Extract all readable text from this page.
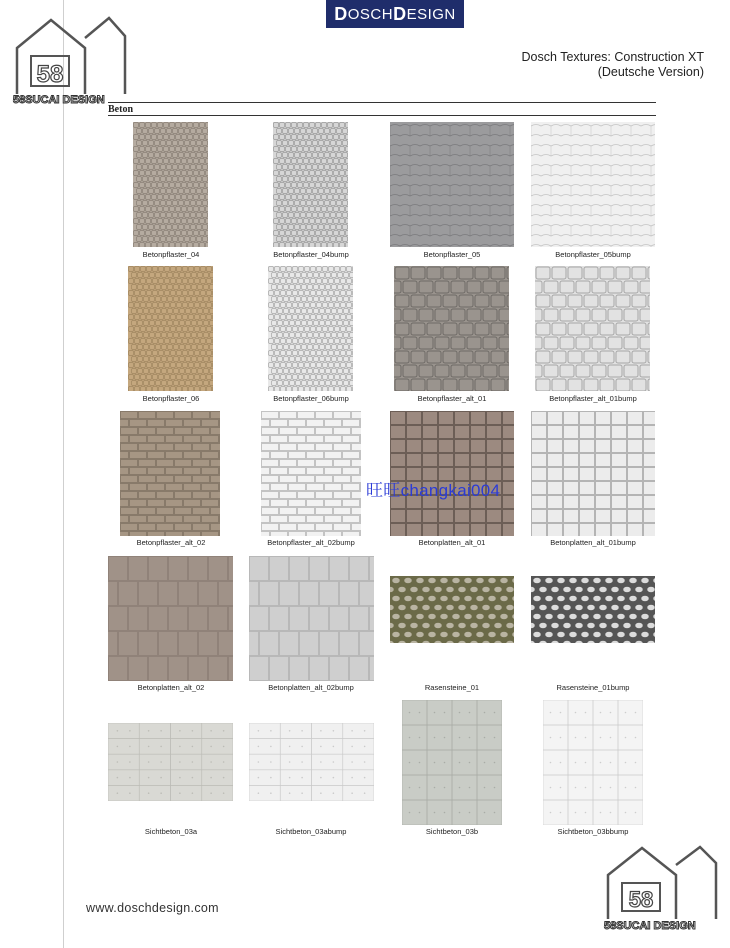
D OSCH D ESIGN
58
58SUCAI DESIGN
Dosch Textures: Construction XT
(Deutsche Version)
Beton
Betonpflaster_04	Betonpflaster_04bump	Betonpflaster_05	Betonpflaster_05bump
Betonpflaster_06	Betonpflaster_06bump	Betonpflaster_alt_01	Betonpflaster_alt_01bump
Betonpflaster_alt_02	Betonpflaster_alt_02bump	Betonplatten_alt_01	Betonplatten_alt_01bump
Betonplatten_alt_02	Betonplatten_alt_02bump	Rasensteine_01	Rasensteine_01bump
Sichtbeton_03a	Sichtbeton_03abump	Sichtbeton_03b	Sichtbeton_03bbump
旺旺changkai004
www.doschdesign.com	58
58SUCAI DESIGN
